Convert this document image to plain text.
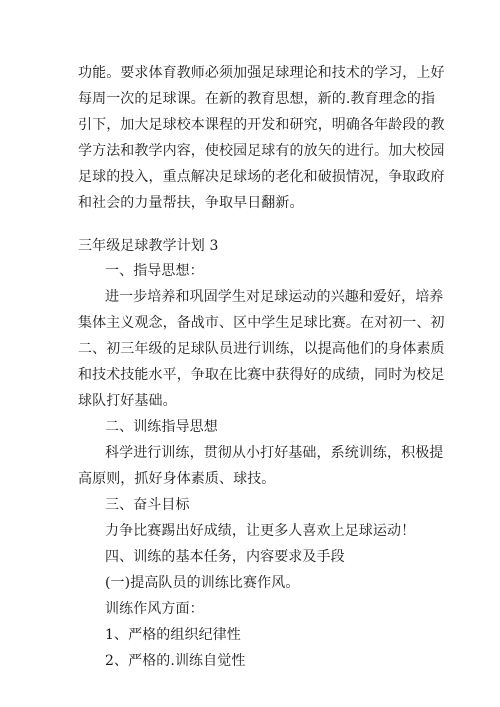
功能。要求体育教师必须加强足球理论和技术的学习，上好
每周一次的足球课。在新的教育思想，新的.教育理念的指
引下，加大足球校本课程的开发和研究，明确各年龄段的教
学方法和教学内容，使校园足球有的放矢的进行。加大校园
足球的投入，重点解决足球场的老化和破损情况，争取政府
和社会的力量帮扶，争取早日翻新。
三年级足球教学计划 3
一、指导思想：
进一步培养和巩固学生对足球运动的兴趣和爱好，培养
集体主义观念，备战市、区中学生足球比赛。在对初一、初
二、初三年级的足球队员进行训练，以提高他们的身体素质
和技术技能水平，争取在比赛中获得好的成绩，同时为校足
球队打好基础。
二、训练指导思想
科学进行训练，贯彻从小打好基础，系统训练，积极提
高原则，抓好身体素质、球技。
三、奋斗目标
力争比赛踢出好成绩，让更多人喜欢上足球运动！
四、训练的基本任务，内容要求及手段
(一)提高队员的训练比赛作风。
训练作风方面：
1、严格的组织纪律性
2、严格的.训练自觉性
